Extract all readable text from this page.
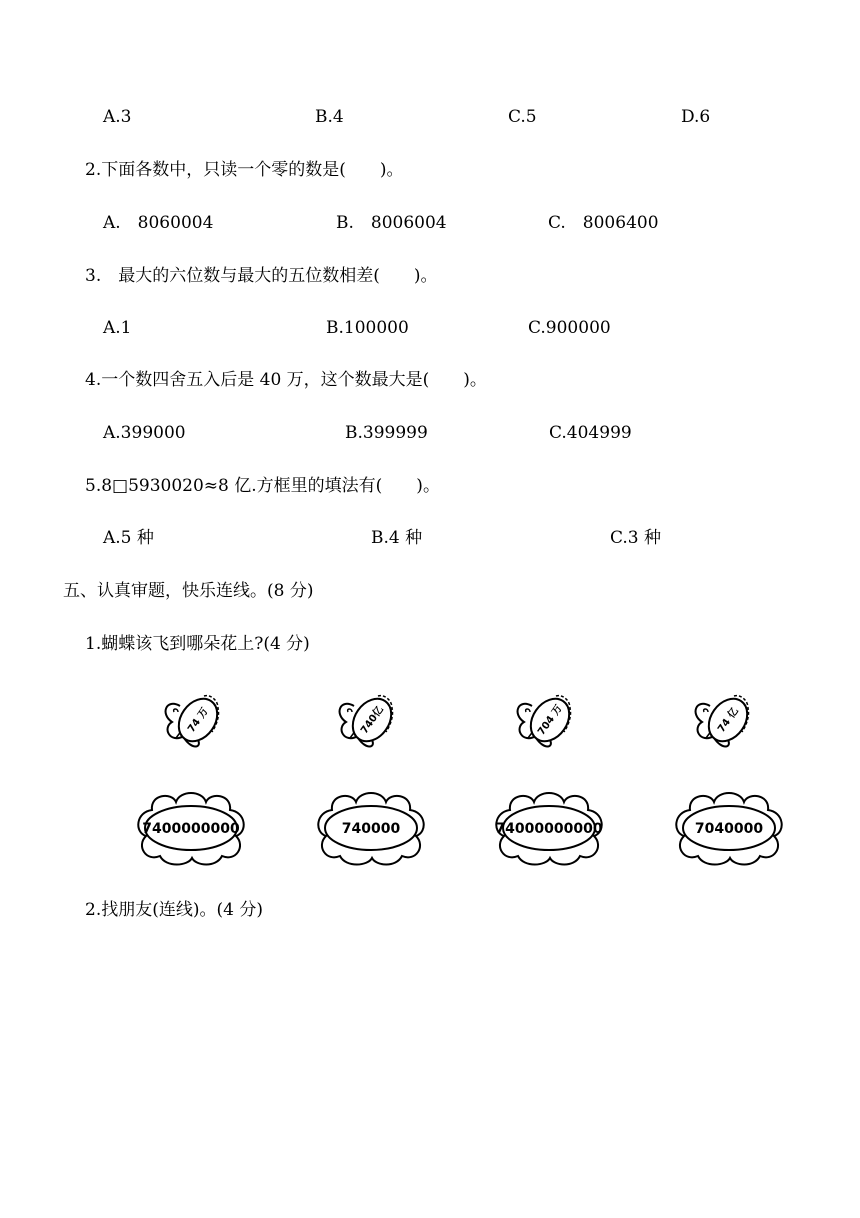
A.3	B.4	C.5	D.6
2.下面各数中，只读一个零的数是(　　)。
A.　8060004	B.　8006004	C.　8006400
3.　最大的六位数与最大的五位数相差(　　)。
A.1	B.100000	C.900000
4.一个数四舍五入后是 40 万，这个数最大是(　　)。
A.399000	B.399999	C.404999
5.8□5930020≈8 亿.方框里的填法有(　　)。
A.5 种	B.4 种	C.3 种
五、认真审题，快乐连线。(8 分)
1.蝴蝶该飞到哪朵花上?(4 分)
74 万	740亿	704 万	74 亿
7400000000	740000	74000000000	7040000
2.找朋友(连线)。(4 分)
